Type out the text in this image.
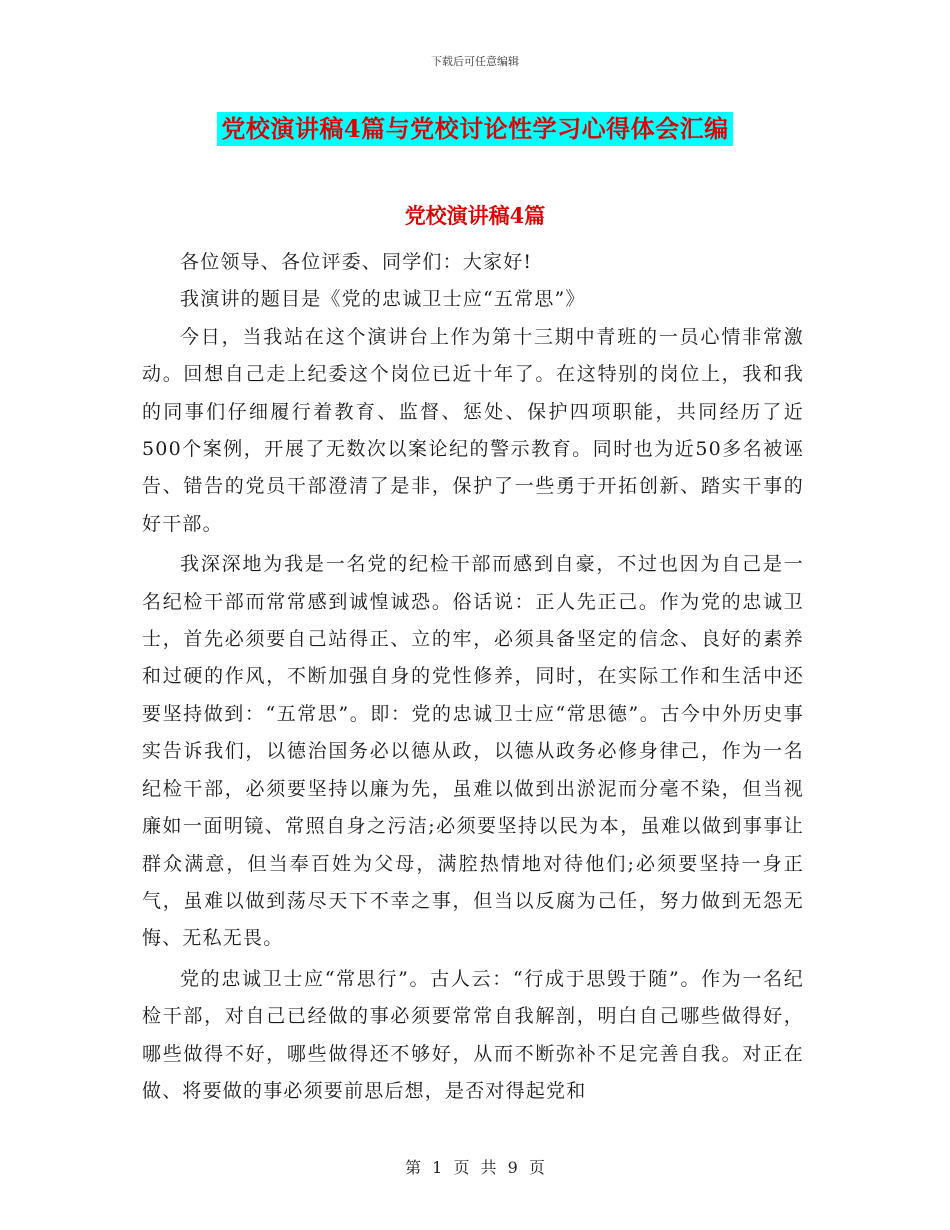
下载后可任意编辑
党校演讲稿4篇与党校讨论性学习心得体会汇编
党校演讲稿4篇

各位领导、各位评委、同学们：大家好!

我演讲的题目是《党的忠诚卫士应“五常思”》

今日，当我站在这个演讲台上作为第十三期中青班的一员心情非常激动。回想自己走上纪委这个岗位已近十年了。在这特别的岗位上，我和我的同事们仔细履行着教育、监督、惩处、保护四项职能，共同经历了近500个案例，开展了无数次以案论纪的警示教育。同时也为近50多名被诬告、错告的党员干部澄清了是非，保护了一些勇于开拓创新、踏实干事的好干部。

我深深地为我是一名党的纪检干部而感到自豪，不过也因为自己是一名纪检干部而常常感到诚惶诚恐。俗话说：正人先正己。作为党的忠诚卫士，首先必须要自己站得正、立的牢，必须具备坚定的信念、良好的素养和过硬的作风，不断加强自身的党性修养，同时，在实际工作和生活中还要坚持做到：“五常思”。即：党的忠诚卫士应“常思德”。古今中外历史事实告诉我们，以德治国务必以德从政，以德从政务必修身律己，作为一名纪检干部，必须要坚持以廉为先，虽难以做到出淤泥而分毫不染，但当视廉如一面明镜、常照自身之污洁;必须要坚持以民为本，虽难以做到事事让群众满意，但当奉百姓为父母，满腔热情地对待他们;必须要坚持一身正气，虽难以做到荡尽天下不幸之事，但当以反腐为己任，努力做到无怨无悔、无私无畏。

党的忠诚卫士应“常思行”。古人云：“行成于思毁于随”。作为一名纪检干部，对自己已经做的事必须要常常自我解剖，明白自己哪些做得好，哪些做得不好，哪些做得还不够好，从而不断弥补不足完善自我。对正在做、将要做的事必须要前思后想，是否对得起党和

第 1 页 共 9 页
